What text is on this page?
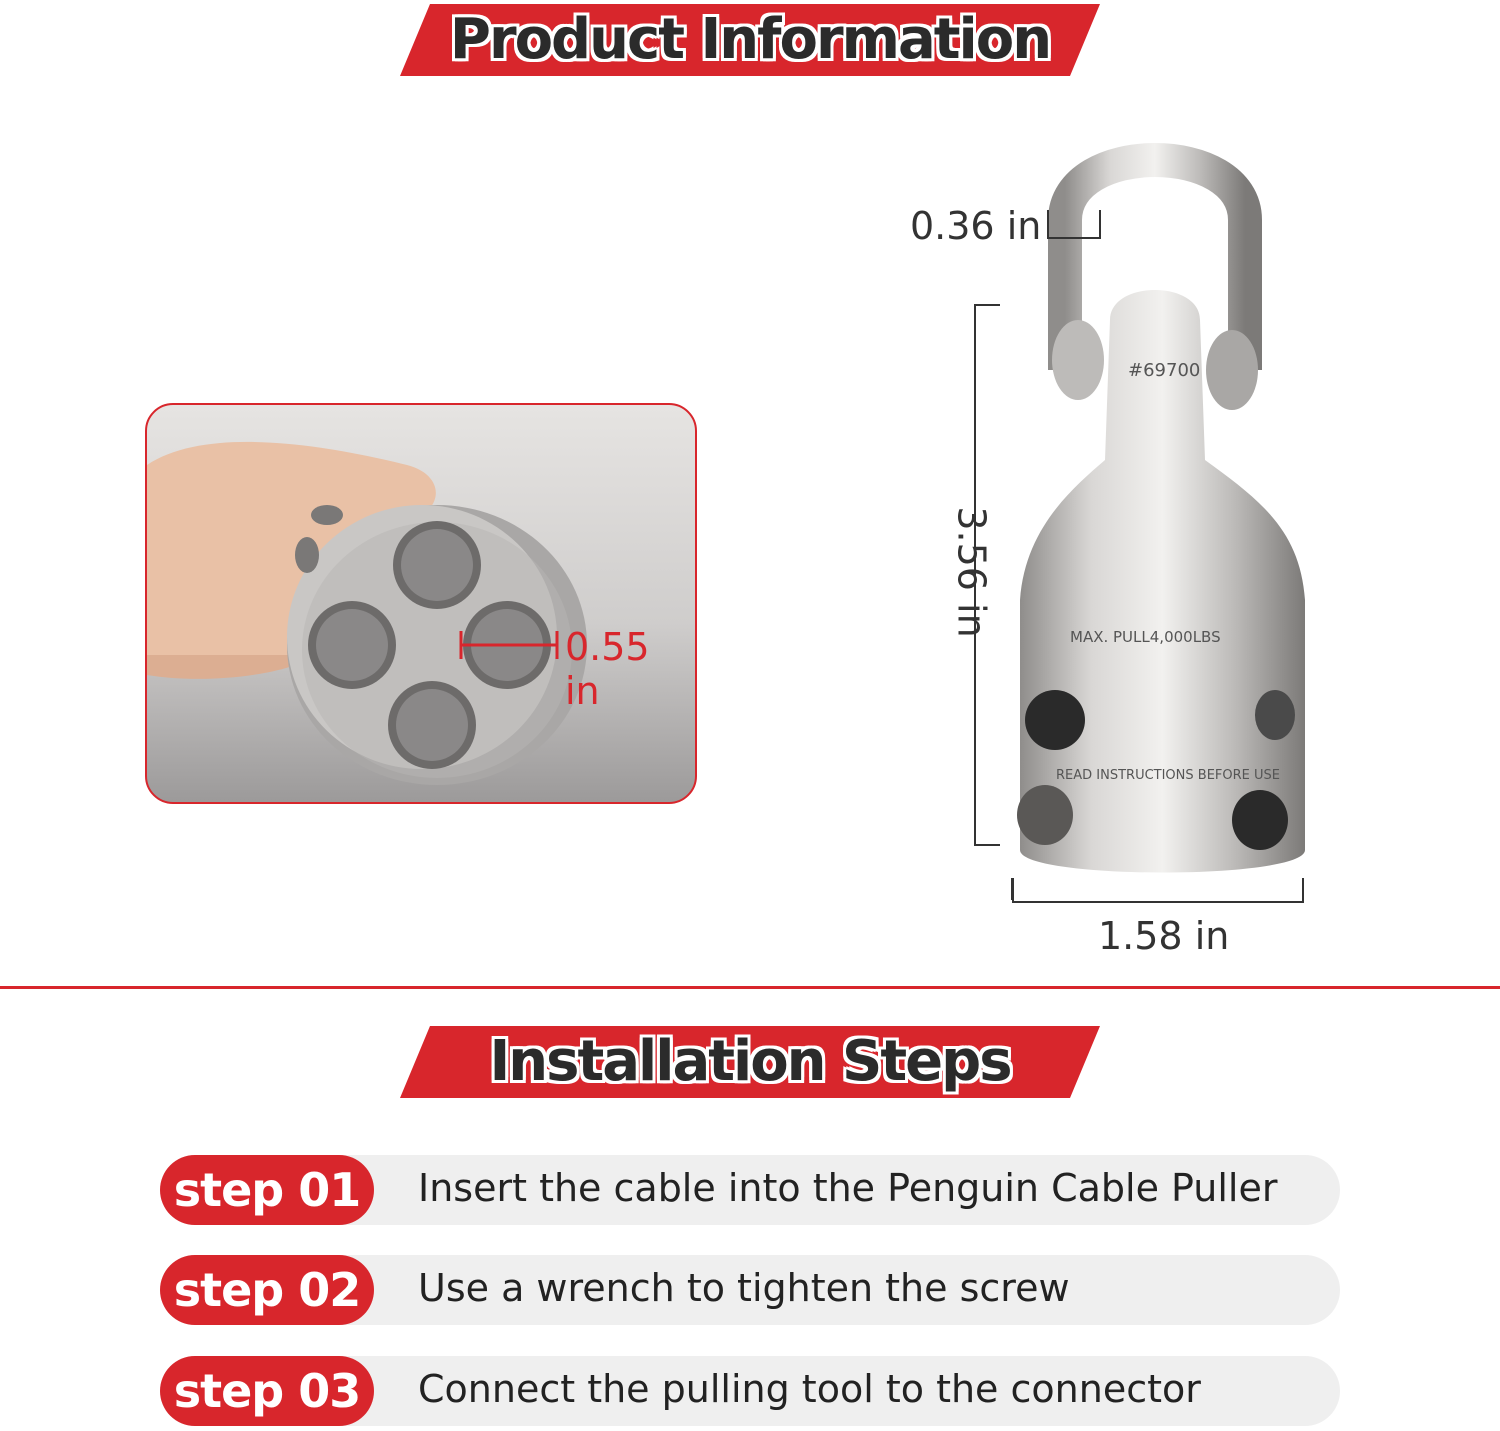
Product Information
0.55 in
#69700
MAX. PULL4,000LBS
READ INSTRUCTIONS BEFORE USE
0.36 in
3.56 in
1.58 in
Installation Steps
step 01	Insert the cable into the Penguin Cable Puller
step 02	Use a wrench to tighten the screw
step 03	Connect the pulling tool to the connector
